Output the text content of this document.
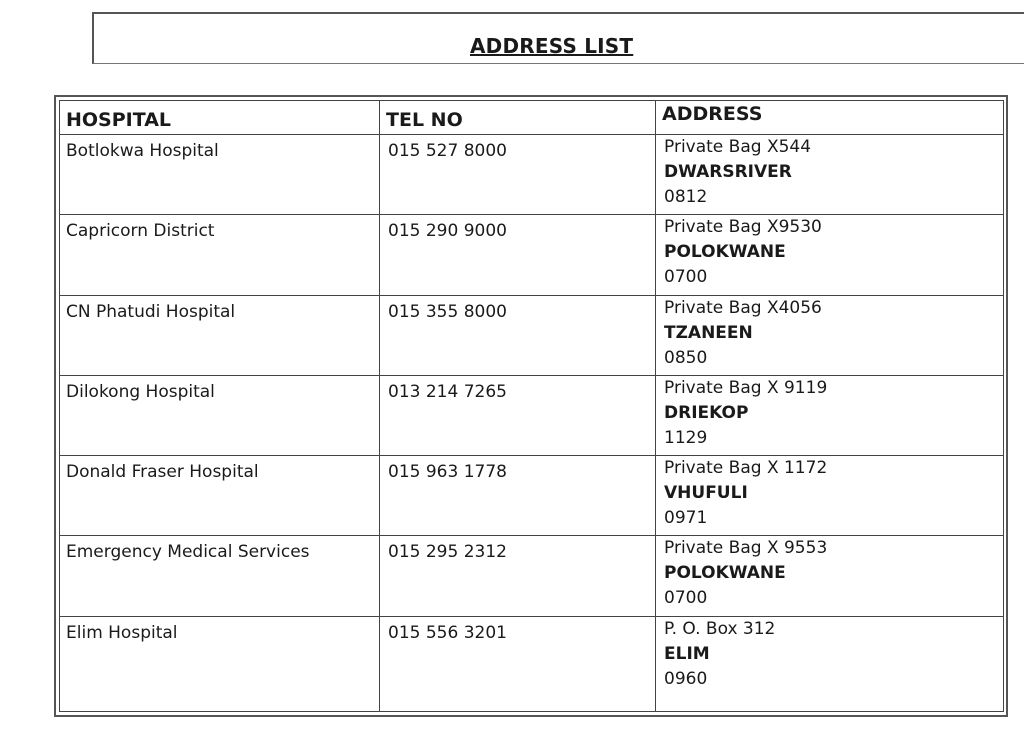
ADDRESS LIST
HOSPITAL	TEL NO	ADDRESS
Botlokwa Hospital	015 527 8000	Private Bag X544
DWARSRIVER
0812

Capricorn District	015 290 9000	Private Bag X9530
POLOKWANE
0700

CN Phatudi Hospital	015 355 8000	Private Bag X4056
TZANEEN
0850

Dilokong Hospital	013 214 7265	Private Bag X 9119
DRIEKOP
1129

Donald Fraser Hospital	015 963 1778	Private Bag X 1172
VHUFULI
0971

Emergency Medical Services	015 295 2312	Private Bag X 9553
POLOKWANE
0700

Elim Hospital	015 556 3201	P. O. Box 312
ELIM
0960
